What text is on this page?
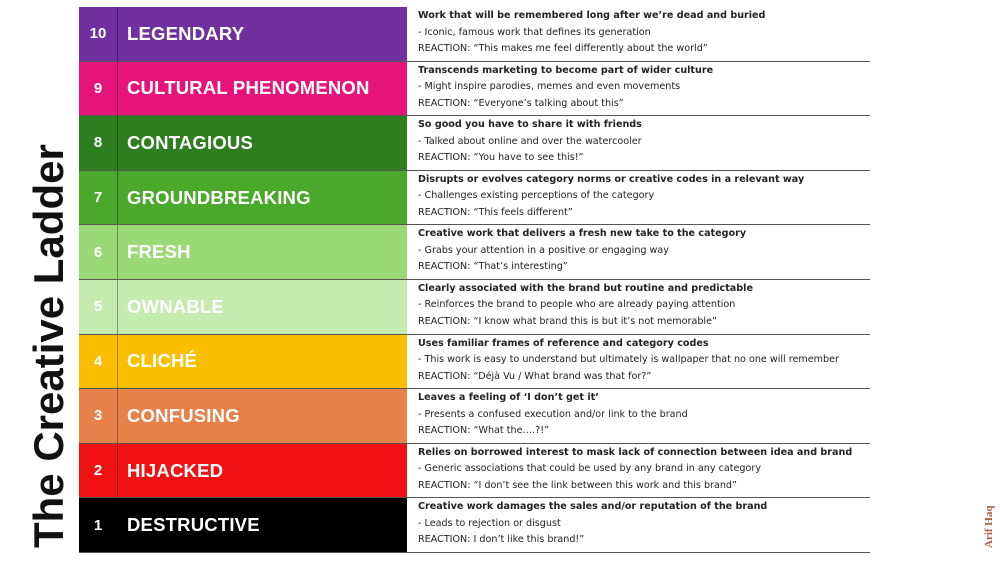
The Creative Ladder
10	LEGENDARY
Work that will be remembered long after we’re dead and buried
- Iconic, famous work that defines its generation
REACTION: “This makes me feel differently about the world”
9	CULTURAL PHENOMENON
Transcends marketing to become part of wider culture
- Might inspire parodies, memes and even movements
REACTION: “Everyone’s talking about this”
8	CONTAGIOUS
So good you have to share it with friends
- Talked about online and over the watercooler
REACTION: “You have to see this!”
7	GROUNDBREAKING
Disrupts or evolves category norms or creative codes in a relevant way
- Challenges existing perceptions of the category
REACTION: “This feels different”
6	FRESH
Creative work that delivers a fresh new take to the category
- Grabs your attention in a positive or engaging way
REACTION: “That’s interesting”
5	OWNABLE
Clearly associated with the brand but routine and predictable
- Reinforces the brand to people who are already paying attention
REACTION: “I know what brand this is but it’s not memorable”
4	CLICHÉ
Uses familiar frames of reference and category codes
- This work is easy to understand but ultimately is wallpaper that no one will remember
REACTION: “Déjà Vu / What brand was that for?”
3	CONFUSING
Leaves a feeling of ‘I don’t get it’
- Presents a confused execution and/or link to the brand
REACTION: “What the….?!”
2	HIJACKED
Relies on borrowed interest to mask lack of connection between idea and brand
- Generic associations that could be used by any brand in any category
REACTION: “I don’t see the link between this work and this brand”
1	DESTRUCTIVE
Creative work damages the sales and/or reputation of the brand
- Leads to rejection or disgust
REACTION: I don’t like this brand!”	Arif Haq
